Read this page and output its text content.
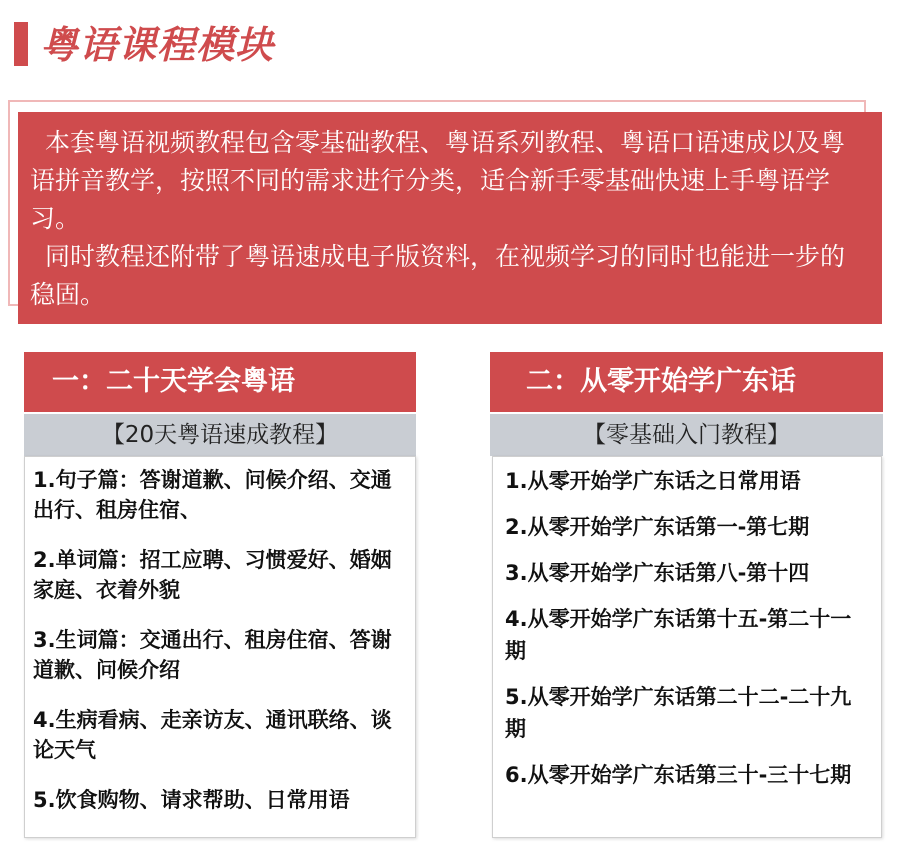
粤语课程模块

本套粤语视频教程包含零基础教程、粤语系列教程、粤语口语速成以及粤语拼音教学，按照不同的需求进行分类，适合新手零基础快速上手粤语学习。

同时教程还附带了粤语速成电子版资料，在视频学习的同时也能进一步的稳固。

一：二十天学会粤语
【20天粤语速成教程】
1.句子篇：答谢道歉、问候介绍、交通出行、租房住宿、
2.单词篇：招工应聘、习惯爱好、婚姻家庭、衣着外貌
3.生词篇：交通出行、租房住宿、答谢道歉、问候介绍
4.生病看病、走亲访友、通讯联络、谈论天气
5.饮食购物、请求帮助、日常用语
二：从零开始学广东话
【零基础入门教程】
1.从零开始学广东话之日常用语
2.从零开始学广东话第一-第七期
3.从零开始学广东话第八-第十四
4.从零开始学广东话第十五-第二十一期
5.从零开始学广东话第二十二-二十九期
6.从零开始学广东话第三十-三十七期
